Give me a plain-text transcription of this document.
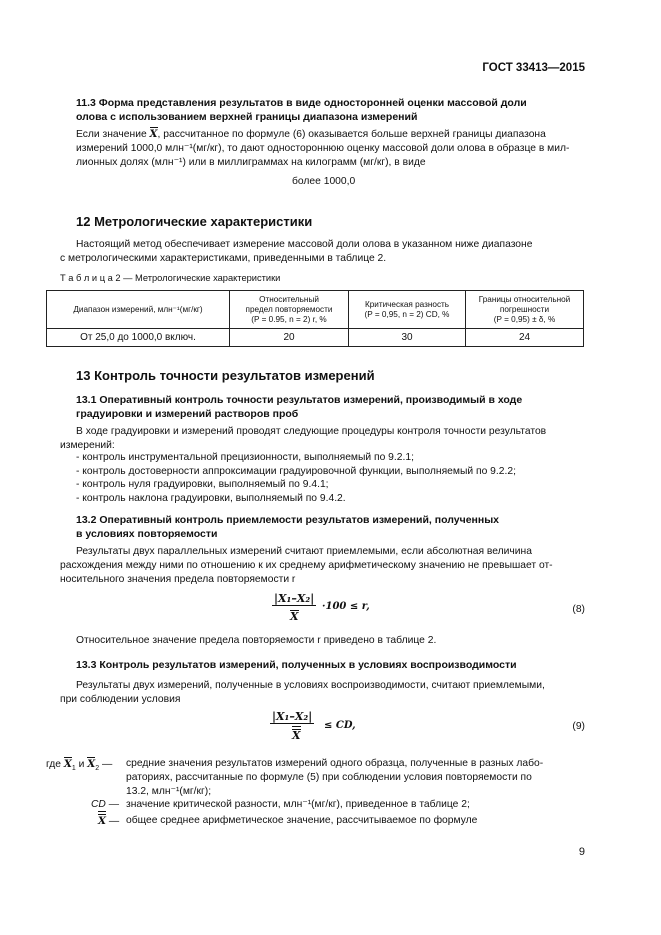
ГОСТ 33413—2015
11.3 Форма представления результатов в виде односторонней оценки массовой доли
олова с использованием верхней границы диапазона измерений
Если значение X, рассчитанное по формуле (6) оказывается больше верхней границы диапазона
измерений 1000,0 млн⁻¹(мг/кг), то дают одностороннюю оценку массовой доли олова в образце в мил-
лионных долях (млн⁻¹) или в миллиграммах на килограмм (мг/кг), в виде
более 1000,0
12 Метрологические характеристики
Настоящий метод обеспечивает измерение массовой доли олова в указанном ниже диапазоне
с метрологическими характеристиками, приведенными в таблице 2.
Т а б л и ц а 2 — Метрологические характеристики
Диапазон измерений, млн⁻¹(мг/кг)	Относительный
предел повторяемости
(P = 0.95, n = 2) r, %	Критическая разность
(P = 0,95, n = 2) CD, %	Границы относительной
погрешности
(P = 0,95) ± δ, %
От 25,0 до 1000,0 включ.	20	30	24
13 Контроль точности результатов измерений
13.1 Оперативный контроль точности результатов измерений, производимый в ходе
градуировки и измерений растворов проб
В ходе градуировки и измерений проводят следующие процедуры контроля точности результатов
измерений:
- контроль инструментальной прецизионности, выполняемый по 9.2.1;
- контроль достоверности аппроксимации градуировочной функции, выполняемый по 9.2.2;
- контроль нуля градуировки, выполняемый по 9.4.1;
- контроль наклона градуировки, выполняемый по 9.4.2.
13.2 Оперативный контроль приемлемости результатов измерений, полученных
в условиях повторяемости
Результаты двух параллельных измерений считают приемлемыми, если абсолютная величина
расхождения между ними по отношению к их среднему арифметическому значению не превышает от-
носительного значения предела повторяемости r
|X₁–X₂|
X
·100 ≤ r,	(8)
Относительное значение предела повторяемости r приведено в таблице 2.
13.3 Контроль результатов измерений, полученных в условиях воспроизводимости
Результаты двух измерений, полученные в условиях воспроизводимости, считают приемлемыми,
при соблюдении условия
|X₁–X₂|
X
≤ CD,	(9)
где $X_1$ и $X_2$ — средние значения результатов измерений одного образца, полученные в разных лабо-
раториях, рассчитанные по формуле (5) при соблюдении условия повторяемости по
13.2, млн⁻¹(мг/кг);
CD — значение критической разности, млн⁻¹(мг/кг), приведенное в таблице 2;
X — общее среднее арифметическое значение, рассчитываемое по формуле
9
